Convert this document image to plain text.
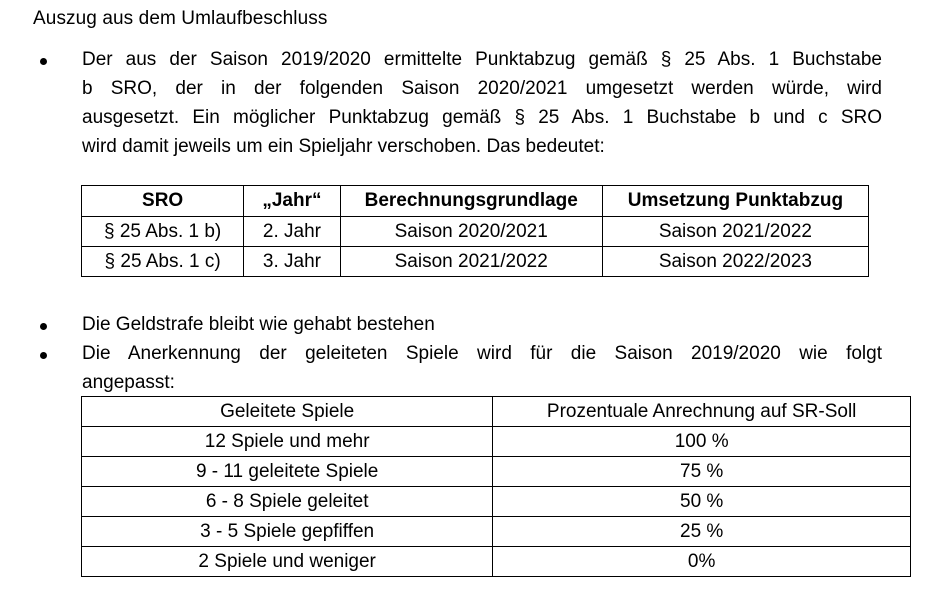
Auszug aus dem Umlaufbeschluss
Der aus der Saison 2019/2020 ermittelte Punktabzug gemäß § 25 Abs. 1 Buchstabe
b SRO, der in der folgenden Saison 2020/2021 umgesetzt werden würde, wird
ausgesetzt. Ein möglicher Punktabzug gemäß § 25 Abs. 1 Buchstabe b und c SRO
wird damit jeweils um ein Spieljahr verschoben. Das bedeutet:
SRO	„Jahr“	Berechnungsgrundlage	Umsetzung Punktabzug
§ 25 Abs. 1 b)	2. Jahr	Saison 2020/2021	Saison 2021/2022
§ 25 Abs. 1 c)	3. Jahr	Saison 2021/2022	Saison 2022/2023
Die Geldstrafe bleibt wie gehabt bestehen
Die Anerkennung der geleiteten Spiele wird für die Saison 2019/2020 wie folgt
angepasst:
Geleitete Spiele	Prozentuale Anrechnung auf SR-Soll
12 Spiele und mehr	100 %
9 - 11 geleitete Spiele	75 %
6 - 8 Spiele geleitet	50 %
3 - 5 Spiele gepfiffen	25 %
2 Spiele und weniger	0%
